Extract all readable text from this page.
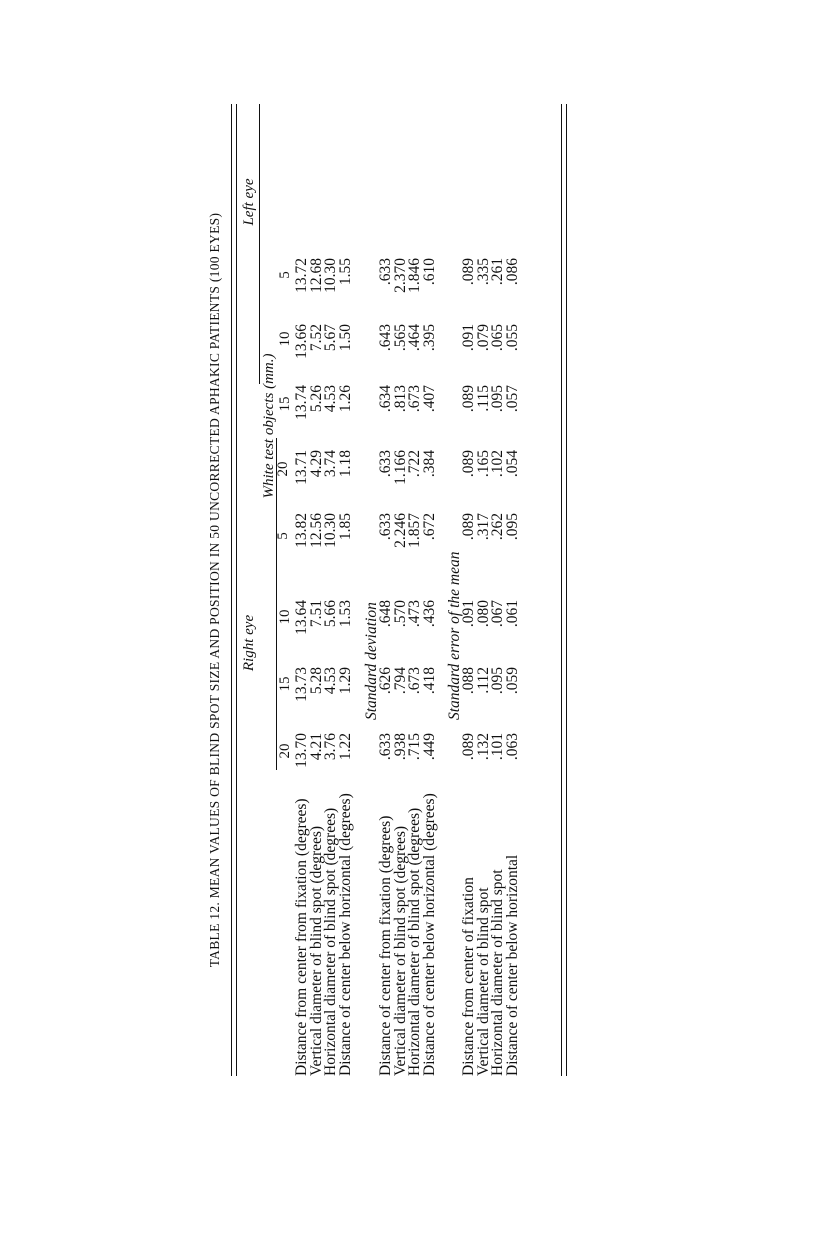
TABLE 12. MEAN VALUES OF BLIND SPOT SIZE AND POSITION IN 50 UNCORRECTED APHAKIC PATIENTS (100 EYES) Right eye
Left eye
White test objects (mm.)
20
15
10
5
20
15
10
5
Distance from center from fixation (degrees)
13.70
13.73
13.64
13.82
13.71
13.74
13.66
13.72
Vertical diameter of blind spot (degrees)
4.21
5.28
7.51
12.56
4.29
5.26
7.52
12.68
Horizontal diameter of blind spot (degrees)
3.76
4.53
5.66
10.30
3.74
4.53
5.67
10.30
Distance of center below horizontal (degrees)
1.22
1.29
1.53
1.85
1.18
1.26
1.50
1.55
Standard deviation
Distance of center from fixation (degrees)
.633
.626
.648
.633
.633
.634
.643
.633
Vertical diameter of blind spot (degrees)
.938
.794
.570
2.246
1.166
.813
.565
2.370
Horizontal diameter of blind spot (degrees)
.715
.673
.473
1.857
.722
.673
.464
1.846
Distance of center below horizontal (degrees)
.449
.418
.436
.672
.384
.407
.395
.610
Standard error of the mean
Distance from center of fixation
.089
.088
.091
.089
.089
.089
.091
.089
Vertical diameter of blind spot
.132
.112
.080
.317
.165
.115
.079
.335
Horizontal diameter of blind spot
.101
.095
.067
.262
.102
.095
.065
.261
Distance of center below horizontal
.063
.059
.061
.095
.054
.057
.055
.086
